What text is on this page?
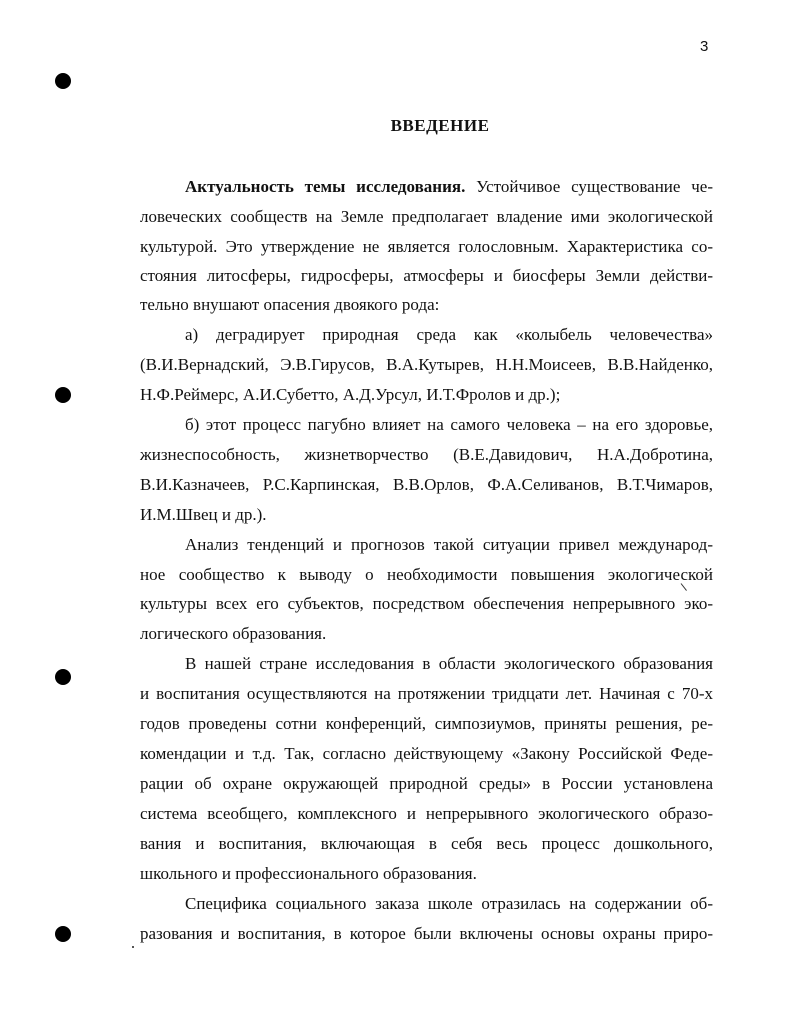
3
ВВЕДЕНИЕ
Актуальность темы исследования. Устойчивое существование че-
ловеческих сообществ на Земле предполагает владение ими экологической
культурой. Это утверждение не является голословным. Характеристика со-
стояния литосферы, гидросферы, атмосферы и биосферы Земли действи-
тельно внушают опасения двоякого рода:
а) деградирует природная среда как «колыбель человечества»
(В.И.Вернадский, Э.В.Гирусов, В.А.Кутырев, Н.Н.Моисеев, В.В.Найденко,
Н.Ф.Реймерс, А.И.Субетто, А.Д.Урсул, И.Т.Фролов и др.);
б) этот процесс пагубно влияет на самого человека – на его здоровье,
жизнеспособность, жизнетворчество (В.Е.Давидович, Н.А.Добротина,
В.И.Казначеев, Р.С.Карпинская, В.В.Орлов, Ф.А.Селиванов, В.Т.Чимаров,
И.М.Швец и др.).
Анализ тенденций и прогнозов такой ситуации привел международ-
ное сообщество к выводу о необходимости повышения экологической
культуры всех его субъектов, посредством обеспечения непрерывного эко-
логического образования.
В нашей стране исследования в области экологического образования
и воспитания осуществляются на протяжении тридцати лет. Начиная с 70-х
годов проведены сотни конференций, симпозиумов, приняты решения, ре-
комендации и т.д. Так, согласно действующему «Закону Российской Феде-
рации об охране окружающей природной среды» в России установлена
система всеобщего, комплексного и непрерывного экологического образо-
вания и воспитания, включающая в себя весь процесс дошкольного,
школьного и профессионального образования.
Специфика социального заказа школе отразилась на содержании об-
разования и воспитания, в которое были включены основы охраны приро-
